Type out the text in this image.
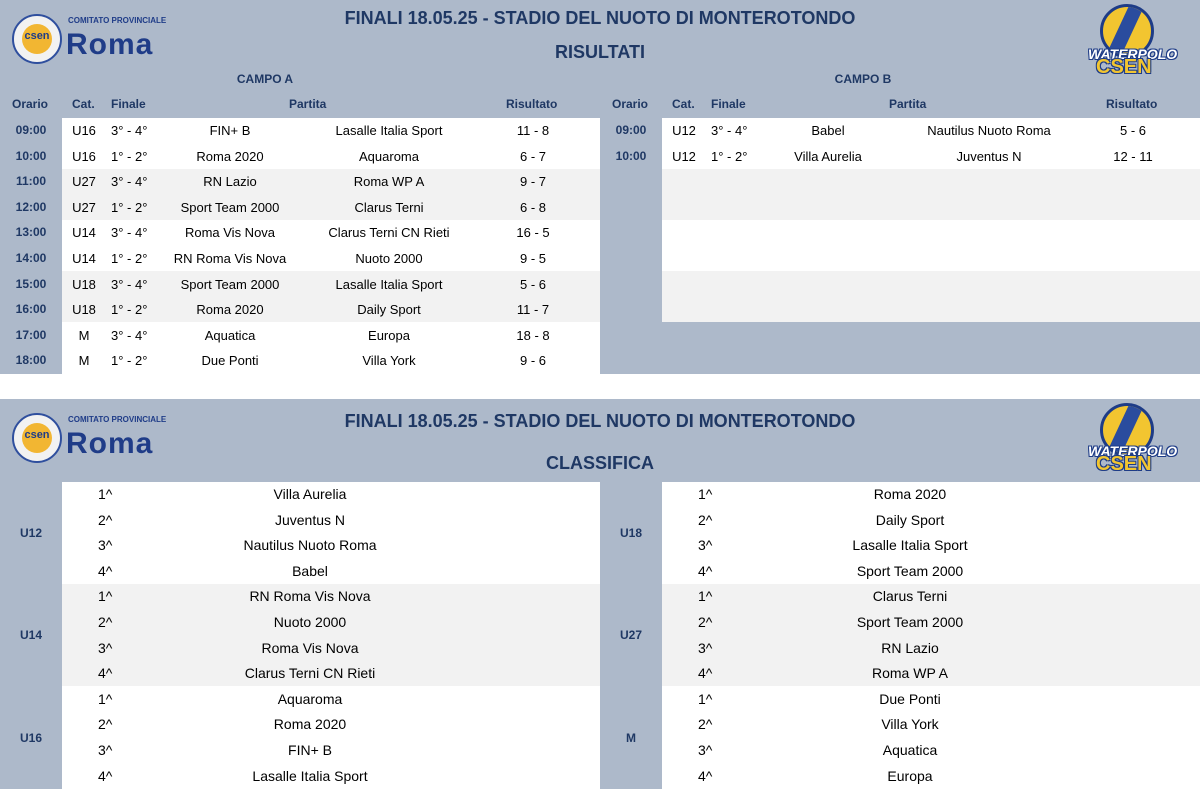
csen
COMITATO PROVINCIALE
Roma
FINALI 18.05.25 - STADIO DEL NUOTO DI MONTEROTONDO
RISULTATI	WATERPOLO
CSEN
CAMPO A	CAMPO B
Orario Cat. Finale	Partita	Risultato	Orario Cat. Finale	Partita	Risultato
09:00	U16	3° - 4°	FIN+ B	Lasalle Italia Sport	11 - 8
10:00	U16	1° - 2°	Roma 2020	Aquaroma	6 - 7
11:00	U27	3° - 4°	RN Lazio	Roma WP A	9 - 7
12:00	U27	1° - 2°	Sport Team 2000	Clarus Terni	6 - 8
13:00	U14	3° - 4°	Roma Vis Nova	Clarus Terni CN Rieti	16 - 5
14:00	U14	1° - 2°	RN Roma Vis Nova	Nuoto 2000	9 - 5
15:00	U18	3° - 4°	Sport Team 2000	Lasalle Italia Sport	5 - 6
16:00	U18	1° - 2°	Roma 2020	Daily Sport	11 - 7
17:00	M	3° - 4°	Aquatica	Europa	18 - 8
18:00	M	1° - 2°	Due Ponti	Villa York	9 - 6
09:00	U12	3° - 4°	Babel	Nautilus Nuoto Roma	5 - 6
10:00	U12	1° - 2°	Villa Aurelia	Juventus N	12 - 11
csen
COMITATO PROVINCIALE
Roma
FINALI 18.05.25 - STADIO DEL NUOTO DI MONTEROTONDO
CLASSIFICA
WATERPOLO
CSEN
U12
1^	Villa Aurelia
2^	Juventus N
3^	Nautilus Nuoto Roma
4^	Babel
U14
1^	RN Roma Vis Nova
2^	Nuoto 2000
3^	Roma Vis Nova
4^	Clarus Terni CN Rieti
U16
1^	Aquaroma
2^	Roma 2020
3^	FIN+ B
4^	Lasalle Italia Sport
U18
1^	Roma 2020
2^	Daily Sport
3^	Lasalle Italia Sport
4^	Sport Team 2000
U27
1^	Clarus Terni
2^	Sport Team 2000
3^	RN Lazio
4^	Roma WP A
M
1^	Due Ponti
2^	Villa York
3^	Aquatica
4^	Europa
